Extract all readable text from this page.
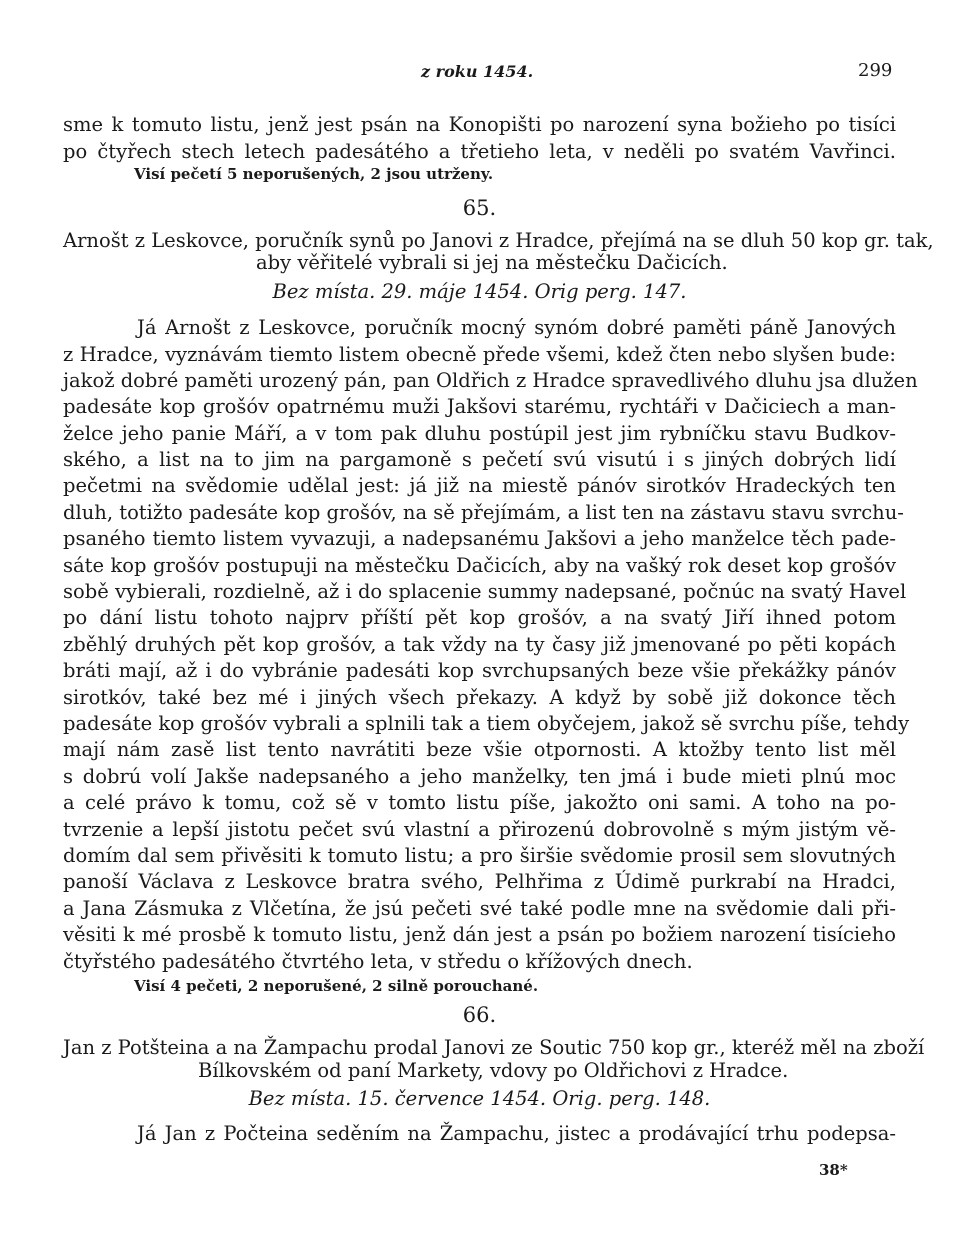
z roku 1454.	299
sme k tomuto listu, jenž jest psán na Konopišti po narození syna božieho po tisíci
po čtyřech stech letech padesátého a třetieho leta, v neděli po svatém Vavřinci.
Visí pečetí 5 neporušených, 2 jsou utrženy.
65.
Arnošt z Leskovce, poručník synů po Janovi z Hradce, přejímá na se dluh 50 kop gr. tak,
aby věřitelé vybrali si jej na městečku Dačicích.
Bez místa. 29. máje 1454. Orig perg. 147.
Já Arnošt z Leskovce, poručník mocný synóm dobré paměti páně Janových
z Hradce, vyznávám tiemto listem obecně přede všemi, kdež čten nebo slyšen bude:
jakož dobré paměti urozený pán, pan Oldřich z Hradce spravedlivého dluhu jsa dlužen
padesáte kop grošóv opatrnému muži Jakšovi starému, rychtáři v Dačiciech a man-
želce jeho panie Máří, a v tom pak dluhu postúpil jest jim rybníčku stavu Budkov-
ského, a list na to jim na pargamoně s pečetí svú visutú i s jiných dobrých lidí
pečetmi na svědomie udělal jest: já již na miestě pánóv sirotkóv Hradeckých ten
dluh, totižto padesáte kop grošóv, na sě přejímám, a list ten na zástavu stavu svrchu-
psaného tiemto listem vyvazuji, a nadepsanému Jakšovi a jeho manželce těch pade-
sáte kop grošóv postupuji na městečku Dačicích, aby na vašký rok deset kop grošóv
sobě vybierali, rozdielně, až i do splacenie summy nadepsané, počnúc na svatý Havel
po dání listu tohoto najprv příští pět kop grošóv, a na svatý Jiří ihned potom
zběhlý druhých pět kop grošóv, a tak vždy na ty časy již jmenované po pěti kopách
bráti mají, až i do vybránie padesáti kop svrchupsaných beze všie překážky pánóv
sirotkóv, také bez mé i jiných všech překazy. A když by sobě již dokonce těch
padesáte kop grošóv vybrali a splnili tak a tiem obyčejem, jakož sě svrchu píše, tehdy
mají nám zasě list tento navrátiti beze všie otpornosti. A ktožby tento list měl
s dobrú volí Jakše nadepsaného a jeho manželky, ten jmá i bude mieti plnú moc
a celé právo k tomu, což sě v tomto listu píše, jakožto oni sami. A toho na po-
tvrzenie a lepší jistotu pečet svú vlastní a přirozenú dobrovolně s mým jistým vě-
domím dal sem přivěsiti k tomuto listu; a pro širšie svědomie prosil sem slovutných
panoší Václava z Leskovce bratra svého, Pelhřima z Údimě purkrabí na Hradci,
a Jana Zásmuka z Vlčetína, že jsú pečeti své také podle mne na svědomie dali při-
věsiti k mé prosbě k tomuto listu, jenž dán jest a psán po božiem narození tisícieho
čtyřstého padesátého čtvrtého leta, v středu o křížových dnech.
Visí 4 pečeti, 2 neporušené, 2 silně porouchané.
66.
Jan z Potšteina a na Žampachu prodal Janovi ze Soutic 750 kop gr., kteréž měl na zboží
Bílkovském od paní Markety, vdovy po Oldřichovi z Hradce.
Bez místa. 15. července 1454. Orig. perg. 148.
Já Jan z Počteina seděním na Žampachu, jistec a prodávající trhu podepsa-
38*
